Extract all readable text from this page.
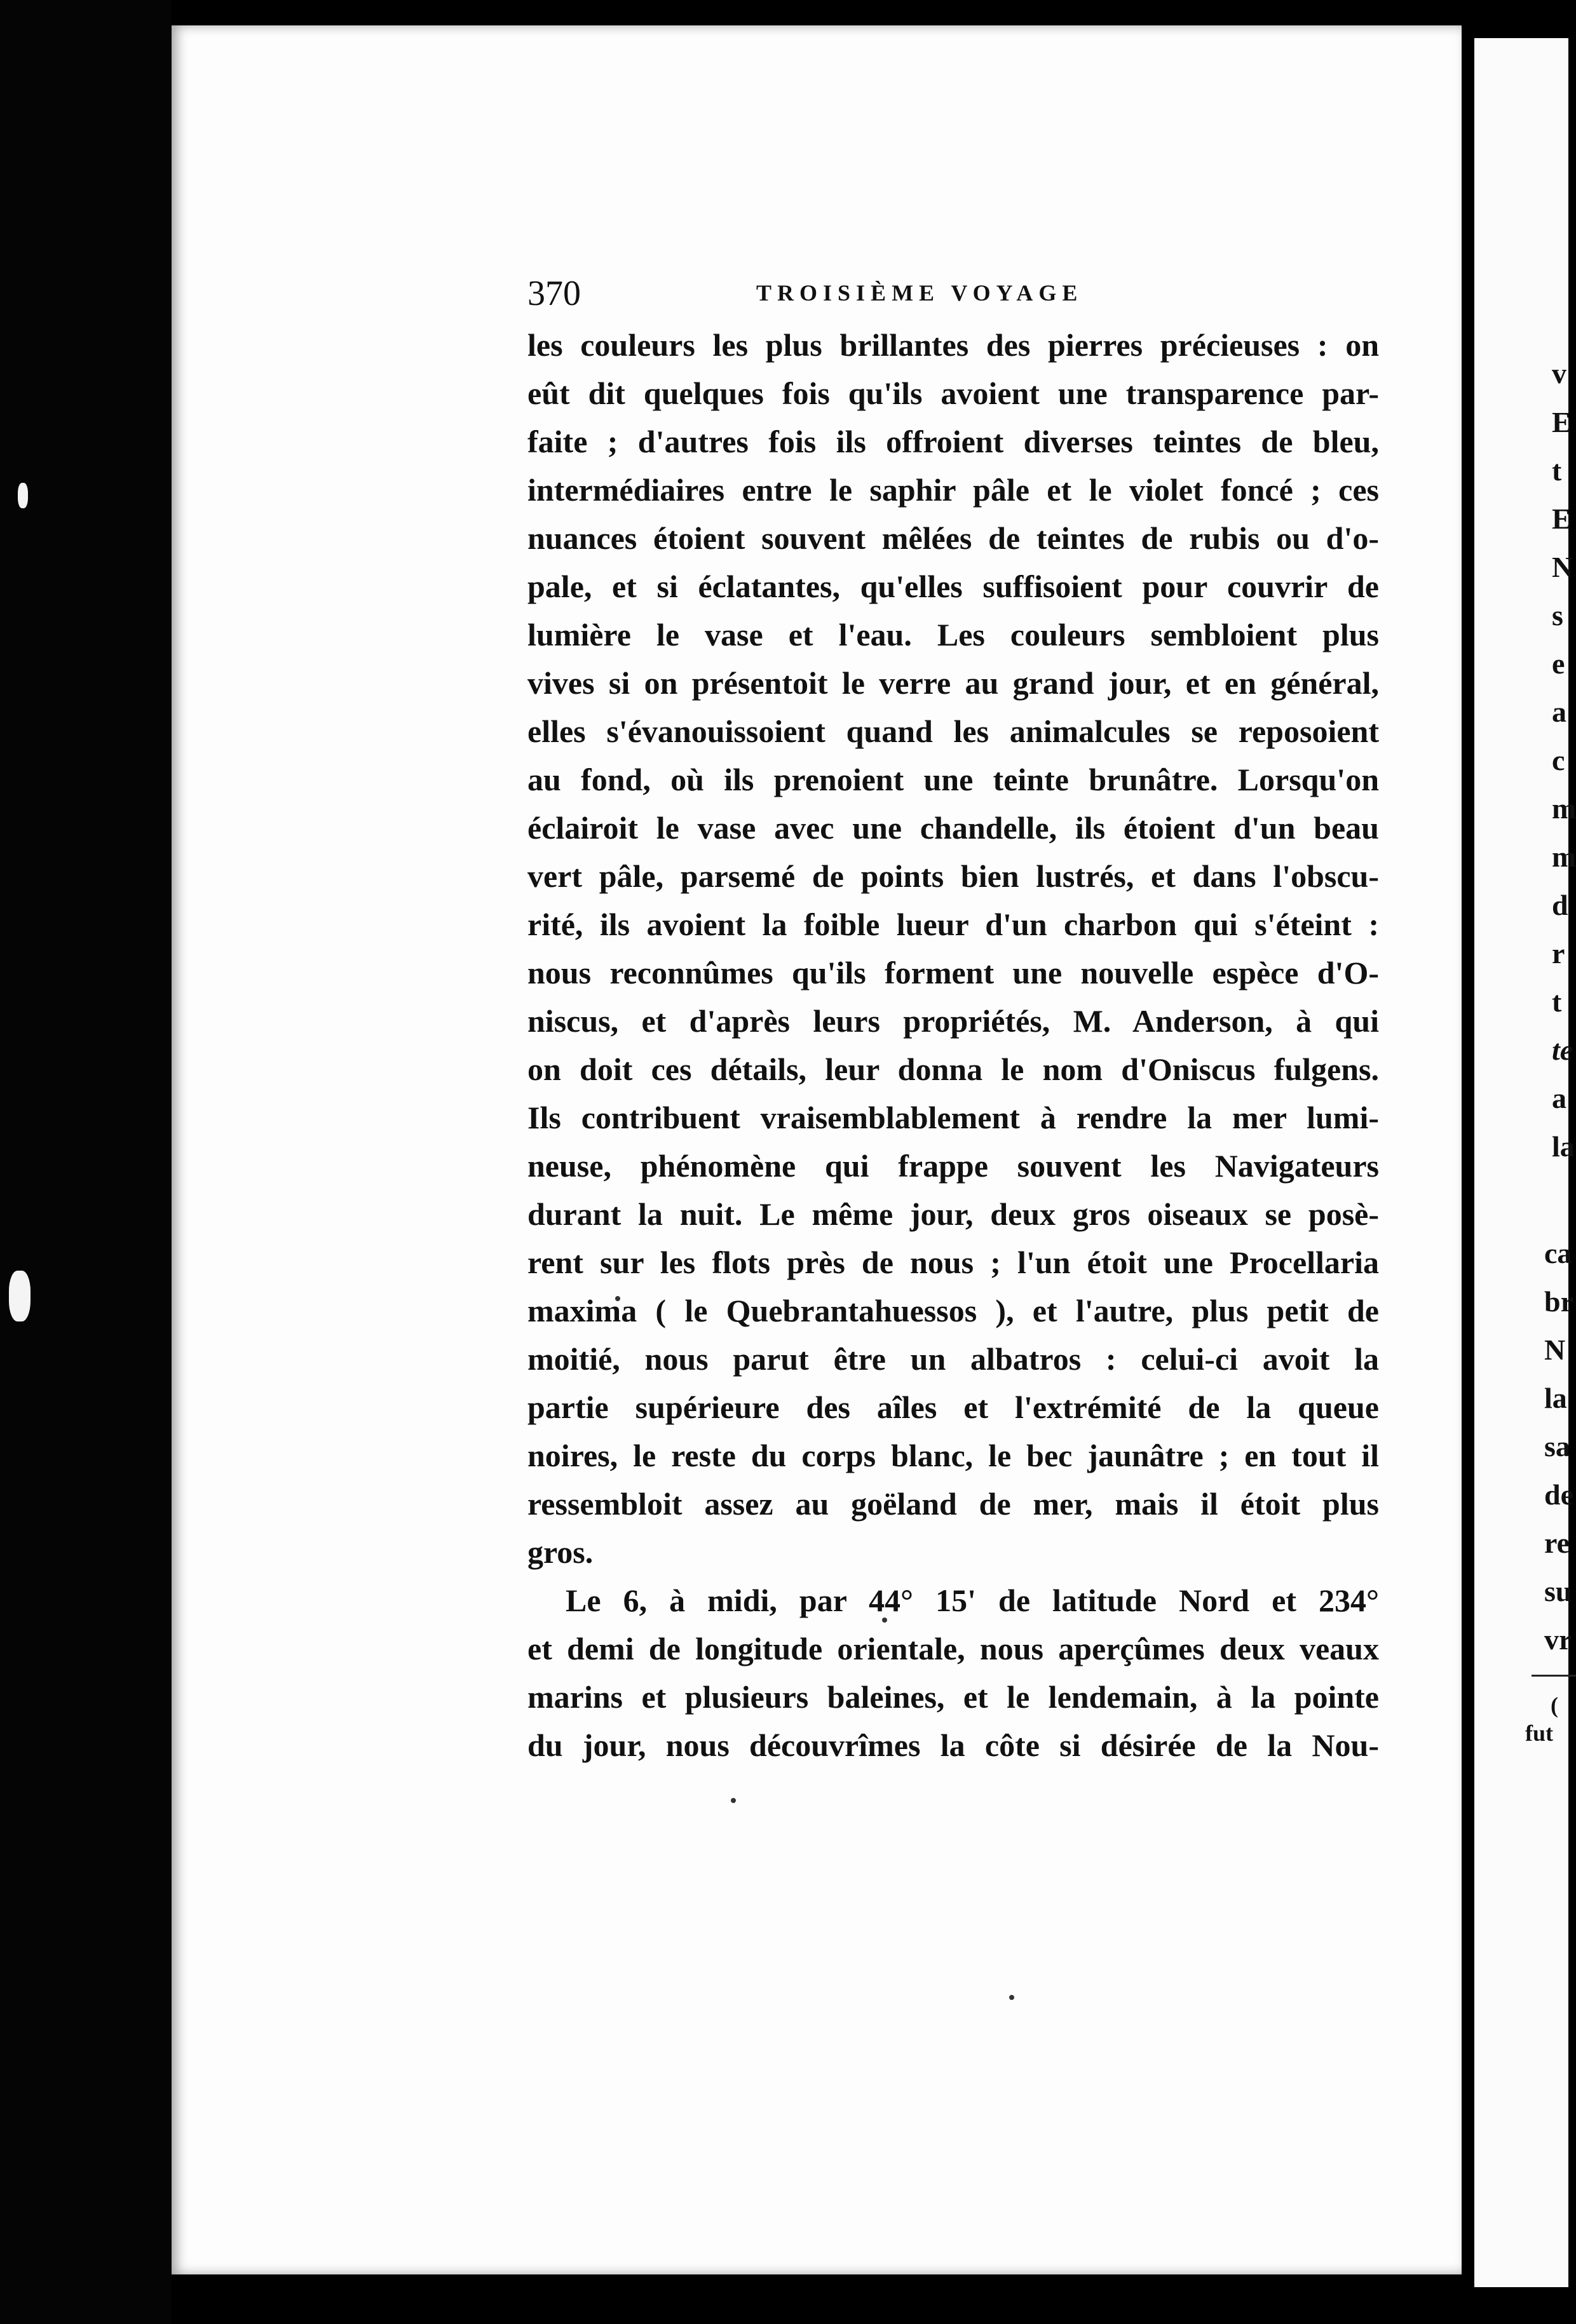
370	TROISIÈME VOYAGE
les couleurs les plus brillantes des pierres précieuses : on
eût dit quelques fois qu'ils avoient une transparence par-
faite ; d'autres fois ils offroient diverses teintes de bleu,
intermédiaires entre le saphir pâle et le violet foncé ; ces
nuances étoient souvent mêlées de teintes de rubis ou d'o-
pale, et si éclatantes, qu'elles suffisoient pour couvrir de
lumière le vase et l'eau. Les couleurs sembloient plus
vives si on présentoit le verre au grand jour, et en général,
elles s'évanouissoient quand les animalcules se reposoient
au fond, où ils prenoient une teinte brunâtre. Lorsqu'on
éclairoit le vase avec une chandelle, ils étoient d'un beau
vert pâle, parsemé de points bien lustrés, et dans l'obscu-
rité, ils avoient la foible lueur d'un charbon qui s'éteint :
nous reconnûmes qu'ils forment une nouvelle espèce d'O-
niscus, et d'après leurs propriétés, M. Anderson, à qui
on doit ces détails, leur donna le nom d'Oniscus fulgens.
Ils contribuent vraisemblablement à rendre la mer lumi-
neuse, phénomène qui frappe souvent les Navigateurs
durant la nuit. Le même jour, deux gros oiseaux se posè-
rent sur les flots près de nous ; l'un étoit une Procellaria
maxima ( le Quebrantahuessos ), et l'autre, plus petit de
moitié, nous parut être un albatros : celui-ci avoit la
partie supérieure des aîles et l'extrémité de la queue
noires, le reste du corps blanc, le bec jaunâtre ; en tout il
ressembloit assez au goëland de mer, mais il étoit plus
gros.
Le 6, à midi, par 44° 15' de latitude Nord et 234°
et demi de longitude orientale, nous aperçûmes deux veaux
marins et plusieurs baleines, et le lendemain, à la pointe
du jour, nous découvrîmes la côte si désirée de la Nou-
v
E
t
E
N
s
e
a
c
m
m
d
r
t
te
a
la
ca
br
N
la
sa
de
re
su
vr
(
fut
